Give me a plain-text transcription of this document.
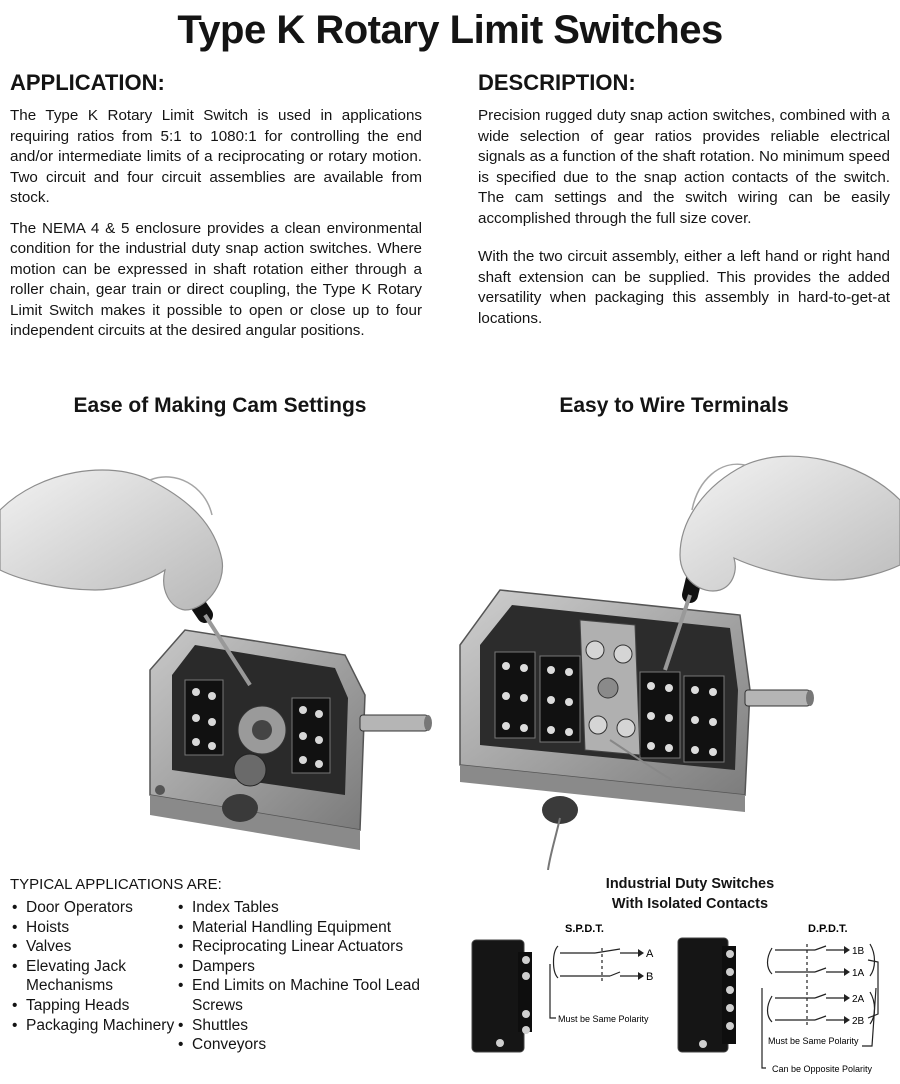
Type K Rotary Limit Switches
APPLICATION:

The Type K Rotary Limit Switch is used in applications requiring ratios from 5:1 to 1080:1 for controlling the end and/or intermediate limits of a reciprocating or rotary motion. Two circuit and four circuit assemblies are available from stock.

The NEMA 4 & 5 enclosure provides a clean environmental condition for the industrial duty snap action switches. Where motion can be expressed in shaft rotation either through a roller chain, gear train or direct coupling, the Type K Rotary Limit Switch makes it possible to open or close up to four independent circuits at the desired angular positions.

DESCRIPTION:

Precision rugged duty snap action switches, combined with a wide selection of gear ratios provides reliable electrical signals as a function of the shaft rotation. No minimum speed is specified due to the snap action contacts of the switch. The cam settings and the switch wiring can be easily accomplished through the full size cover.

With the two circuit assembly, either a left hand or right hand shaft extension can be supplied. This provides the added versatility when packaging this assembly in hard-to-get-at locations.

Ease of Making Cam Settings	Easy to Wire Terminals
TYPICAL APPLICATIONS ARE:
• Door Operators
• Hoists
• Valves
• Elevating Jack Mechanisms
• Tapping Heads
• Packaging Machinery
• Index Tables
• Material Handling Equipment
• Reciprocating Linear Actuators
• Dampers
• End Limits on Machine Tool Lead Screws
• Shuttles
• Conveyors
Industrial Duty Switches
With Isolated Contacts
S.P.D.T.
A
B
Must be Same Polarity
D.P.D.T.
1B
1A
2A
2B
Must be Same Polarity
Can be Opposite Polarity
